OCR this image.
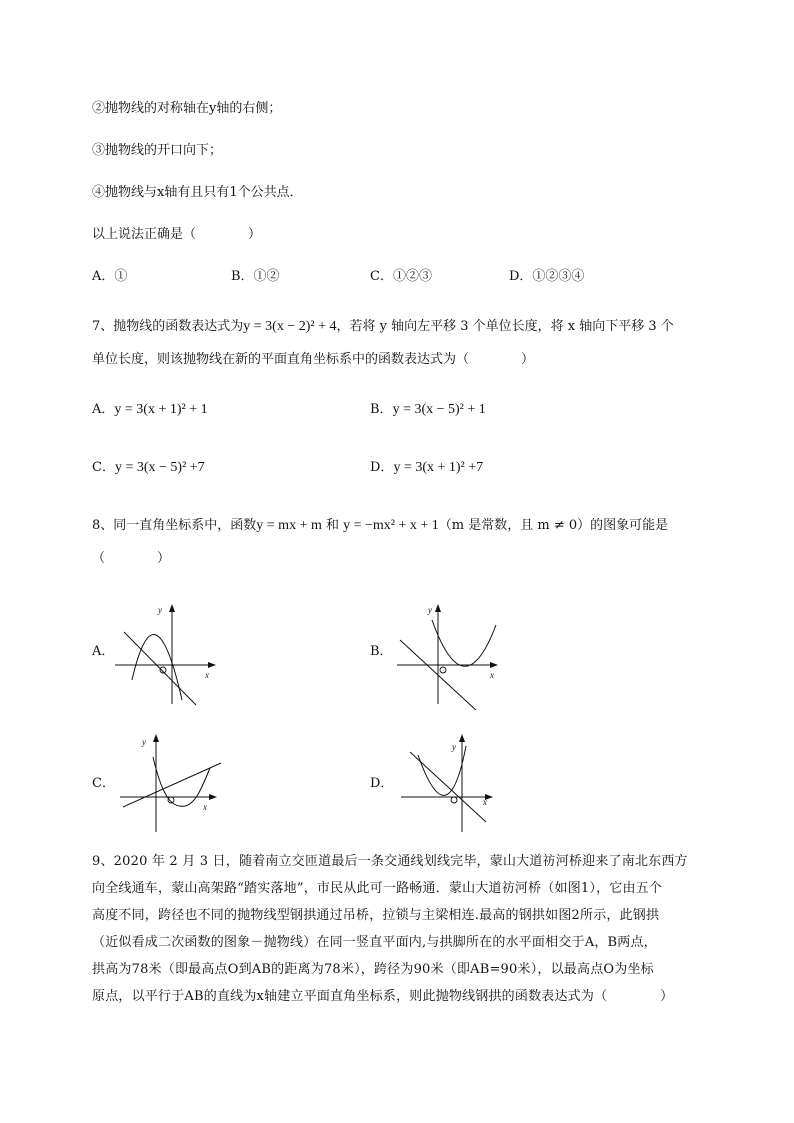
②抛物线的对称轴在y轴的右侧；
③抛物线的开口向下；
④抛物线与x轴有且只有1个公共点．
以上说法正确是（　　　　）
A．①	B．①②	C．①②③	D．①②③④
7、抛物线的函数表达式为y = 3(x − 2)² + 4，若将 y 轴向左平移 3 个单位长度，将 x 轴向下平移 3 个
单位长度，则该抛物线在新的平面直角坐标系中的函数表达式为（　　　　）
A．y = 3(x + 1)² + 1	B．y = 3(x − 5)² + 1
C．y = 3(x − 5)² +7	D．y = 3(x + 1)² +7
8、同一直角坐标系中，函数y = mx + m 和 y = −mx² + x + 1（m 是常数，且 m ≠ 0）的图象可能是
（　　　　）
A．
x
y
B．
x
y
C．
x
y
D．
x
y
9、2020 年 2 月 3 日，随着南立交匝道最后一条交通线划线完毕，蒙山大道祊河桥迎来了南北东西方
向全线通车，蒙山高架路“踏实落地”，市民从此可一路畅通．蒙山大道祊河桥（如图1），它由五个
高度不同，跨径也不同的抛物线型钢拱通过吊桥，拉锁与主梁相连.最高的钢拱如图2所示，此钢拱
（近似看成二次函数的图象－抛物线）在同一竖直平面内,与拱脚所在的水平面相交于A，B两点，
拱高为78米（即最高点O到AB的距离为78米），跨径为90米（即AB=90米），以最高点O为坐标
原点，以平行于AB的直线为x轴建立平面直角坐标系，则此抛物线钢拱的函数表达式为（　　　　）
